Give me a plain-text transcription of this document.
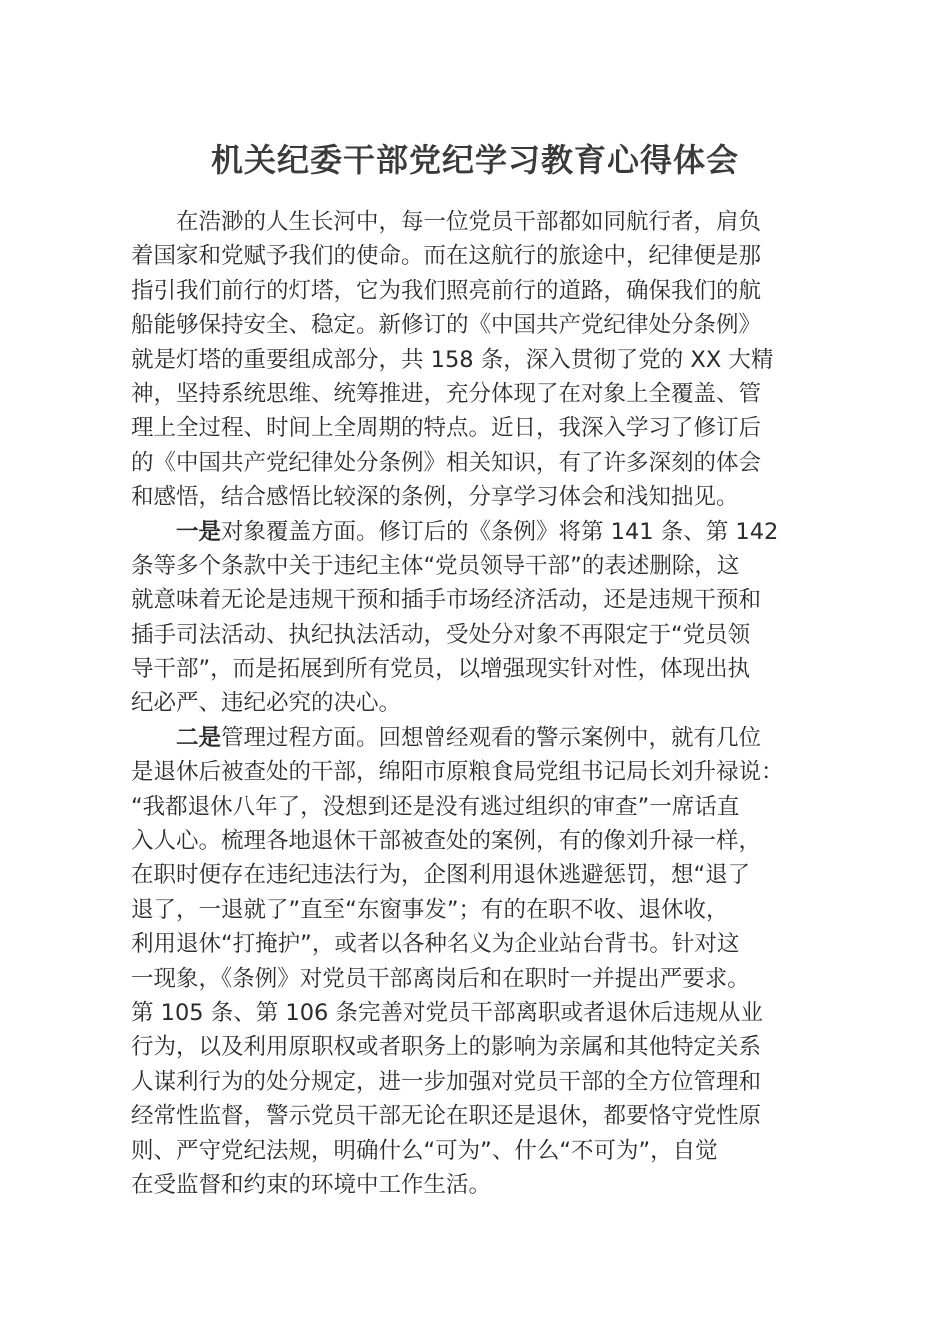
机关纪委干部党纪学习教育心得体会
在浩渺的人生长河中，每一位党员干部都如同航行者，肩负
着国家和党赋予我们的使命。而在这航行的旅途中，纪律便是那
指引我们前行的灯塔，它为我们照亮前行的道路，确保我们的航
船能够保持安全、稳定。新修订的《中国共产党纪律处分条例》
就是灯塔的重要组成部分，共 158 条，深入贯彻了党的 XX 大精
神，坚持系统思维、统筹推进，充分体现了在对象上全覆盖、管
理上全过程、时间上全周期的特点。近日，我深入学习了修订后
的《中国共产党纪律处分条例》相关知识，有了许多深刻的体会
和感悟，结合感悟比较深的条例，分享学习体会和浅知拙见。
一是对象覆盖方面。修订后的《条例》将第 141 条、第 142
条等多个条款中关于违纪主体“党员领导干部”的表述删除，这
就意味着无论是违规干预和插手市场经济活动，还是违规干预和
插手司法活动、执纪执法活动，受处分对象不再限定于“党员领
导干部”，而是拓展到所有党员，以增强现实针对性，体现出执
纪必严、违纪必究的决心。
二是管理过程方面。回想曾经观看的警示案例中，就有几位
是退休后被查处的干部，绵阳市原粮食局党组书记局长刘升禄说：
“我都退休八年了，没想到还是没有逃过组织的审查”一席话直
入人心。梳理各地退休干部被查处的案例，有的像刘升禄一样，
在职时便存在违纪违法行为，企图利用退休逃避惩罚，想“退了
退了，一退就了”直至“东窗事发”；有的在职不收、退休收，
利用退休“打掩护”，或者以各种名义为企业站台背书。针对这
一现象，《条例》对党员干部离岗后和在职时一并提出严要求。
第 105 条、第 106 条完善对党员干部离职或者退休后违规从业
行为，以及利用原职权或者职务上的影响为亲属和其他特定关系
人谋利行为的处分规定，进一步加强对党员干部的全方位管理和
经常性监督，警示党员干部无论在职还是退休，都要恪守党性原
则、严守党纪法规，明确什么“可为”、什么“不可为”，自觉
在受监督和约束的环境中工作生活。
